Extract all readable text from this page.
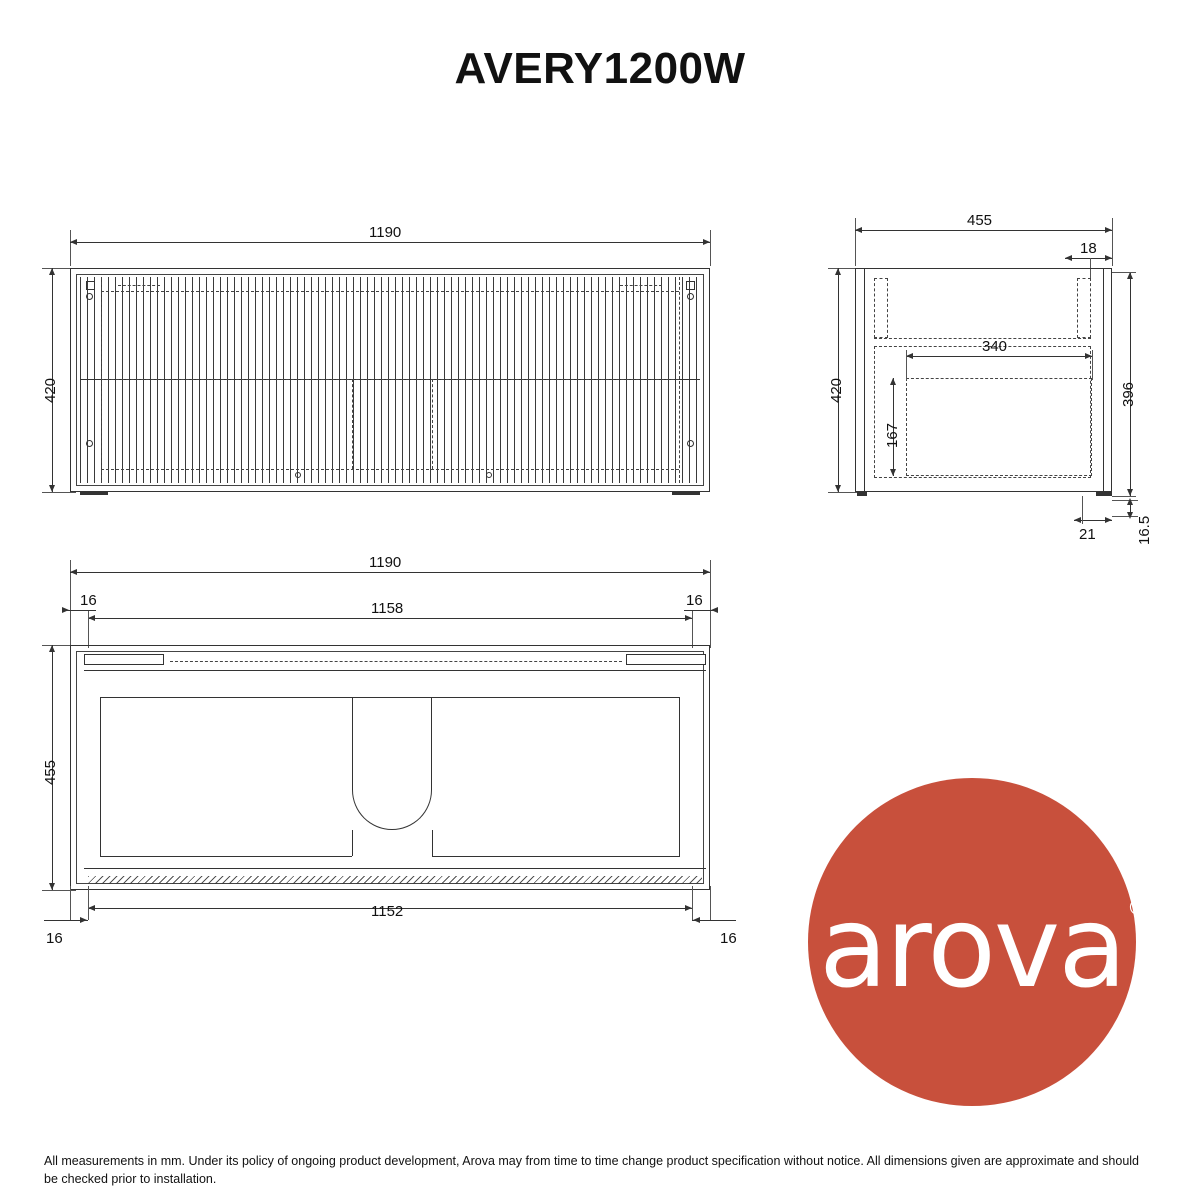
AVERY1200W
1190
420
455
18
420	396
340
167
21	16.5
1190
1158
16	16
455
1152
16	16 arova ®
All measurements in mm. Under its policy of ongoing product development, Arova may from time to time change product specification without notice. All dimensions given are approximate and should be checked prior to installation.
